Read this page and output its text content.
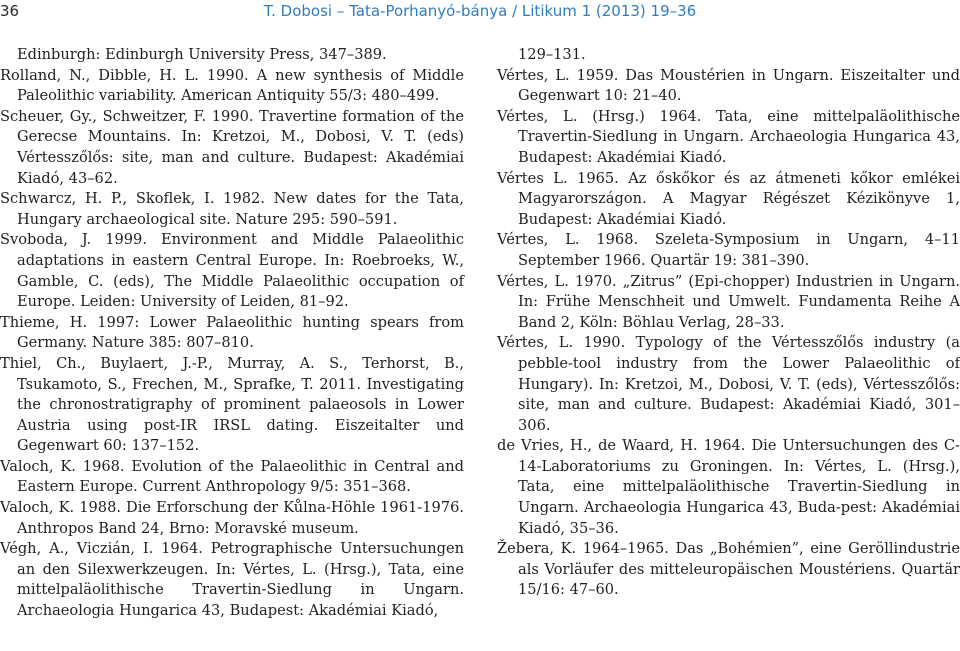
36	T. Dobosi – Tata-Porhanyó-bánya / Litikum 1 (2013) 19–36

Edinburgh: Edinburgh University Press, 347–389.

Rolland, N., Dibble, H. L. 1990. A new synthesis of Middle Paleolithic variability. American Antiquity 55/3: 480–499.

Scheuer, Gy., Schweitzer, F. 1990. Travertine formation of the Gerecse Mountains. In: Kretzoi, M., Dobosi, V. T. (eds) Vértesszőlős: site, man and culture. Budapest: Akadémiai Kiadó, 43–62.

Schwarcz, H. P., Skoflek, I. 1982. New dates for the Tata, Hungary archaeological site. Nature 295: 590–591.

Svoboda, J. 1999. Environment and Middle Palaeolithic adaptations in eastern Central Europe. In: Roebroeks, W., Gamble, C. (eds), The Middle Palaeolithic occupation of Europe. Leiden: University of Leiden, 81–92.

Thieme, H. 1997: Lower Palaeolithic hunting spears from Germany. Nature 385: 807–810.

Thiel, Ch., Buylaert, J.-P., Murray, A. S., Terhorst, B., Tsukamoto, S., Frechen, M., Sprafke, T. 2011. Investigating the chronostratigraphy of prominent palaeosols in Lower Austria using post-IR IRSL dating. Eiszeitalter und Gegenwart 60: 137–152.

Valoch, K. 1968. Evolution of the Palaeolithic in Central and Eastern Europe. Current Anthropology 9/5: 351–368.

Valoch, K. 1988. Die Erforschung der Kůlna-Höhle 1961-1976. Anthropos Band 24, Brno: Moravské museum.

Végh, A., Viczián, I. 1964. Petrographische Untersuchungen an den Silexwerkzeugen. In: Vértes, L. (Hrsg.), Tata, eine mittelpaläolithische Travertin-Siedlung in Ungarn. Archaeologia Hungarica 43, Budapest: Akadémiai Kiadó,

129–131.

Vértes, L. 1959. Das Moustérien in Ungarn. Eiszeitalter und Gegenwart 10: 21–40.

Vértes, L. (Hrsg.) 1964. Tata, eine mittelpaläolithische Travertin-Siedlung in Ungarn. Archaeologia Hungarica 43, Budapest: Akadémiai Kiadó.

Vértes L. 1965. Az őskőkor és az átmeneti kőkor emlékei Magyarországon. A Magyar Régészet Kézikönyve 1, Budapest: Akadémiai Kiadó.

Vértes, L. 1968. Szeleta-Symposium in Ungarn, 4–11 September 1966. Quartär 19: 381–390.

Vértes, L. 1970. „Zitrus” (Epi-chopper) Industrien in Ungarn. In: Frühe Menschheit und Umwelt. Fundamenta Reihe A Band 2, Köln: Böhlau Verlag, 28–33.

Vértes, L. 1990. Typology of the Vértesszőlős industry (a pebble-tool industry from the Lower Palaeolithic of Hungary). In: Kretzoi, M., Dobosi, V. T. (eds), Vértesszőlős: site, man and culture. Budapest: Akadémiai Kiadó, 301–306.

de Vries, H., de Waard, H. 1964. Die Untersuchungen des C-14-Laboratoriums zu Groningen. In: Vértes, L. (Hrsg.), Tata, eine mittelpaläolithische Travertin-Siedlung in Ungarn. Archaeologia Hungarica 43, Buda-pest: Akadémiai Kiadó, 35–36.

Žebera, K. 1964–1965. Das „Bohémien”, eine Geröllindustrie als Vorläufer des mitteleuropäischen Moustériens. Quartär 15/16: 47–60.
